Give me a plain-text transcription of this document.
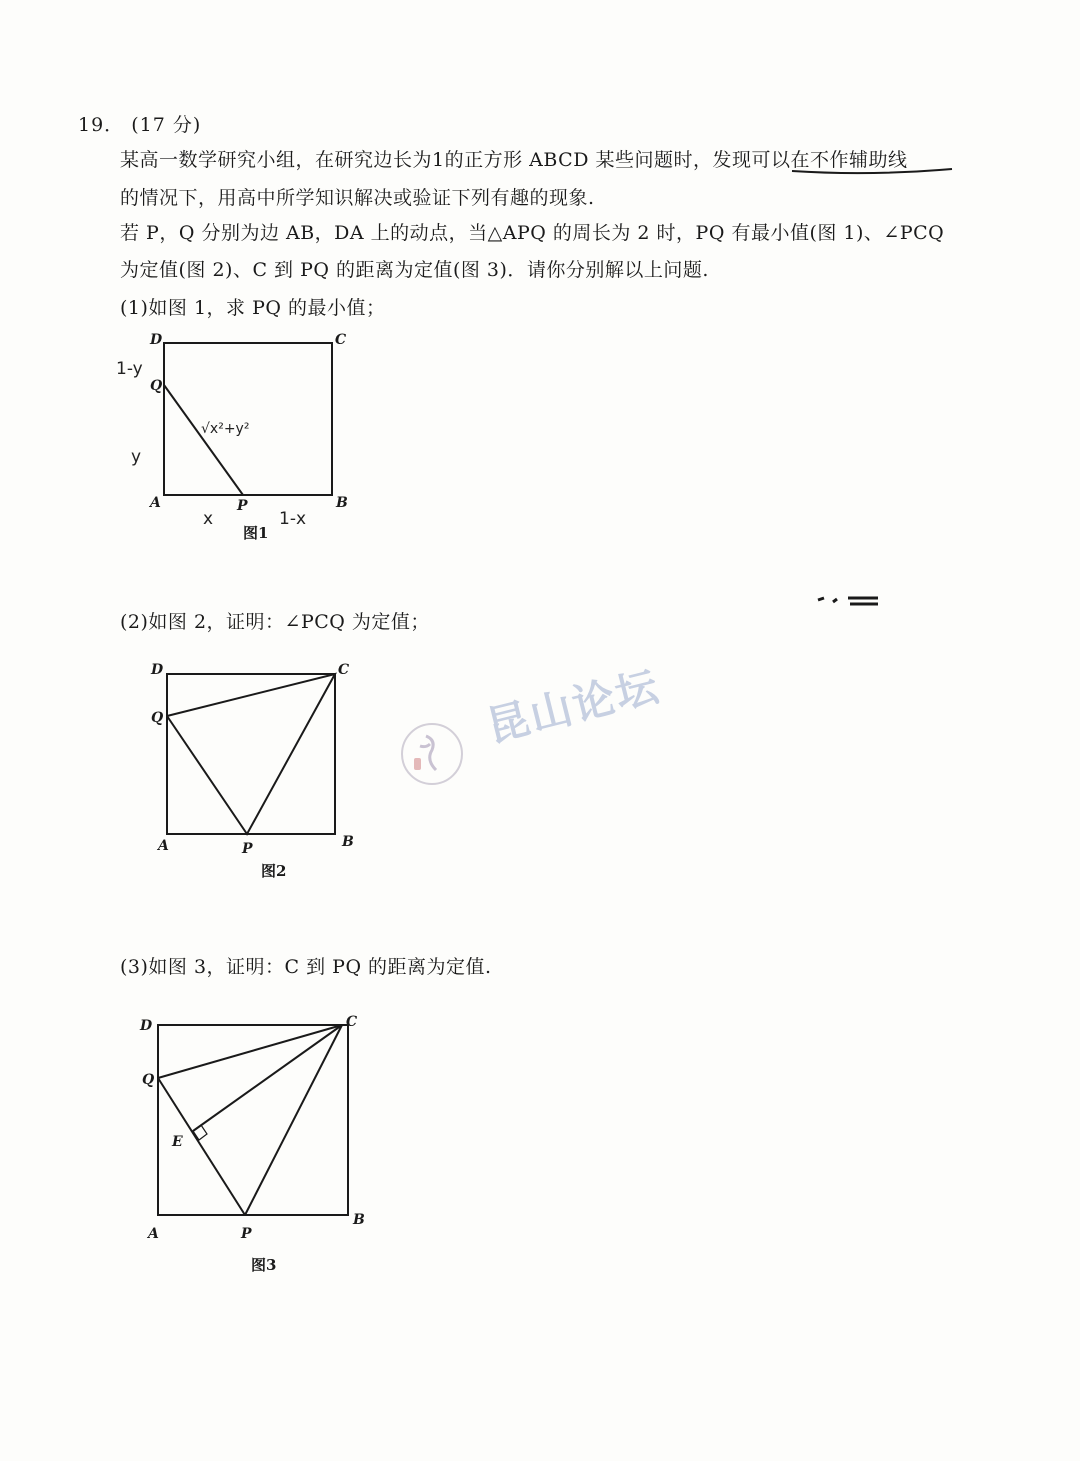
19． (17 分)
某高一数学研究小组，在研究边长为1的正方形 ABCD 某些问题时，发现可以在不作辅助线
的情况下，用高中所学知识解决或验证下列有趣的现象.
若 P，Q 分别为边 AB，DA 上的动点，当△APQ 的周长为 2 时，PQ 有最小值(图 1)、∠PCQ
为定值(图 2)、C 到 PQ 的距离为定值(图 3)．请你分别解以上问题.
(1)如图 1，求 PQ 的最小值；
D	C
Q
A	P	B
1-y
y
x	1-x
√x²+y²
图1
(2)如图 2，证明：∠PCQ 为定值；
D	C
Q
A	P	B
图2
昆山论坛
(3)如图 3，证明：C 到 PQ 的距离为定值.
D	C
Q
E
A	P
B
图3
